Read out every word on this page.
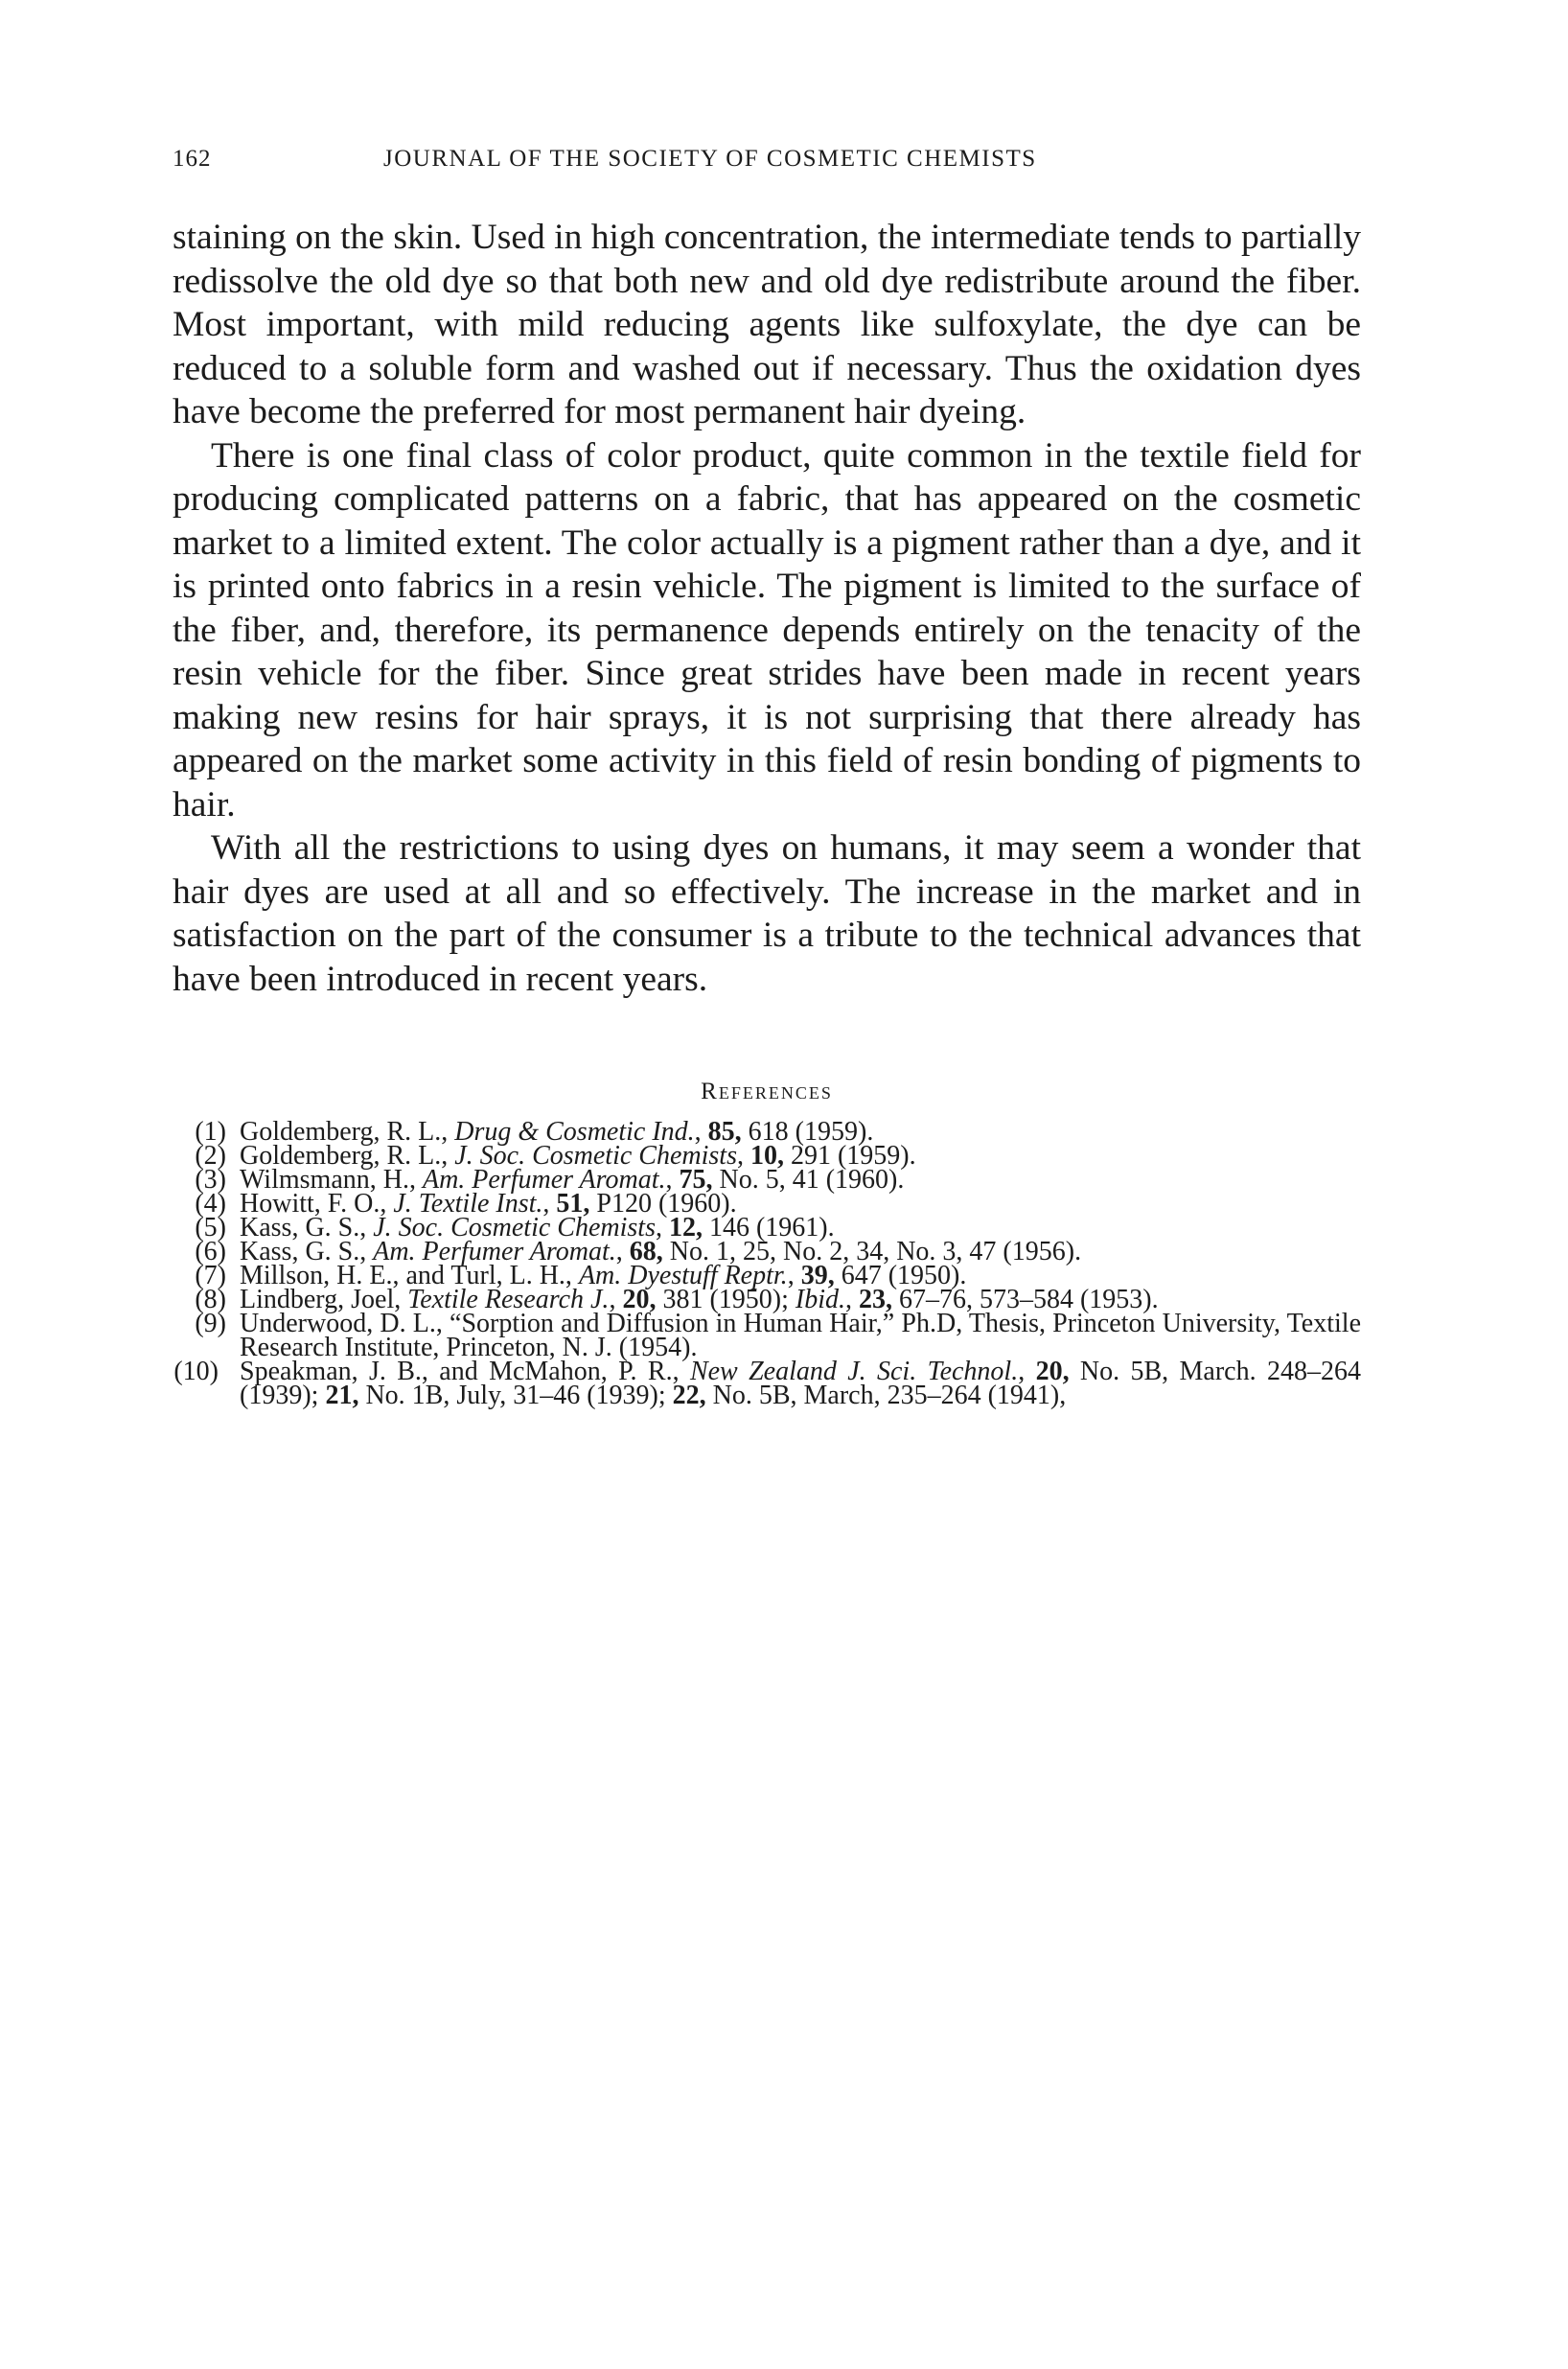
162	JOURNAL OF THE SOCIETY OF COSMETIC CHEMISTS

staining on the skin. Used in high concentration, the intermediate tends to partially redissolve the old dye so that both new and old dye redistribute around the fiber. Most important, with mild reducing agents like sulfoxylate, the dye can be reduced to a soluble form and washed out if necessary. Thus the oxidation dyes have become the preferred for most permanent hair dyeing.

There is one final class of color product, quite common in the textile field for producing complicated patterns on a fabric, that has appeared on the cosmetic market to a limited extent. The color actually is a pigment rather than a dye, and it is printed onto fabrics in a resin vehicle. The pigment is limited to the surface of the fiber, and, therefore, its permanence depends entirely on the tenacity of the resin vehicle for the fiber. Since great strides have been made in recent years making new resins for hair sprays, it is not surprising that there already has appeared on the market some activity in this field of resin bonding of pigments to hair.

With all the restrictions to using dyes on humans, it may seem a wonder that hair dyes are used at all and so effectively. The increase in the market and in satisfaction on the part of the consumer is a tribute to the technical advances that have been introduced in recent years.

References
(1) Goldemberg, R. L., Drug & Cosmetic Ind., 85, 618 (1959).
(2) Goldemberg, R. L., J. Soc. Cosmetic Chemists, 10, 291 (1959).
(3) Wilmsmann, H., Am. Perfumer Aromat., 75, No. 5, 41 (1960).
(4) Howitt, F. O., J. Textile Inst., 51, P120 (1960).
(5) Kass, G. S., J. Soc. Cosmetic Chemists, 12, 146 (1961).
(6) Kass, G. S., Am. Perfumer Aromat., 68, No. 1, 25, No. 2, 34, No. 3, 47 (1956).
(7) Millson, H. E., and Turl, L. H., Am. Dyestuff Reptr., 39, 647 (1950).
(8) Lindberg, Joel, Textile Research J., 20, 381 (1950); Ibid., 23, 67–76, 573–584 (1953).
(9) Underwood, D. L., “Sorption and Diffusion in Human Hair,” Ph.D, Thesis, Princeton University, Textile Research Institute, Princeton, N. J. (1954).
(10) Speakman, J. B., and McMahon, P. R., New Zealand J. Sci. Technol., 20, No. 5B, March. 248–264 (1939); 21, No. 1B, July, 31–46 (1939); 22, No. 5B, March, 235–264 (1941),
